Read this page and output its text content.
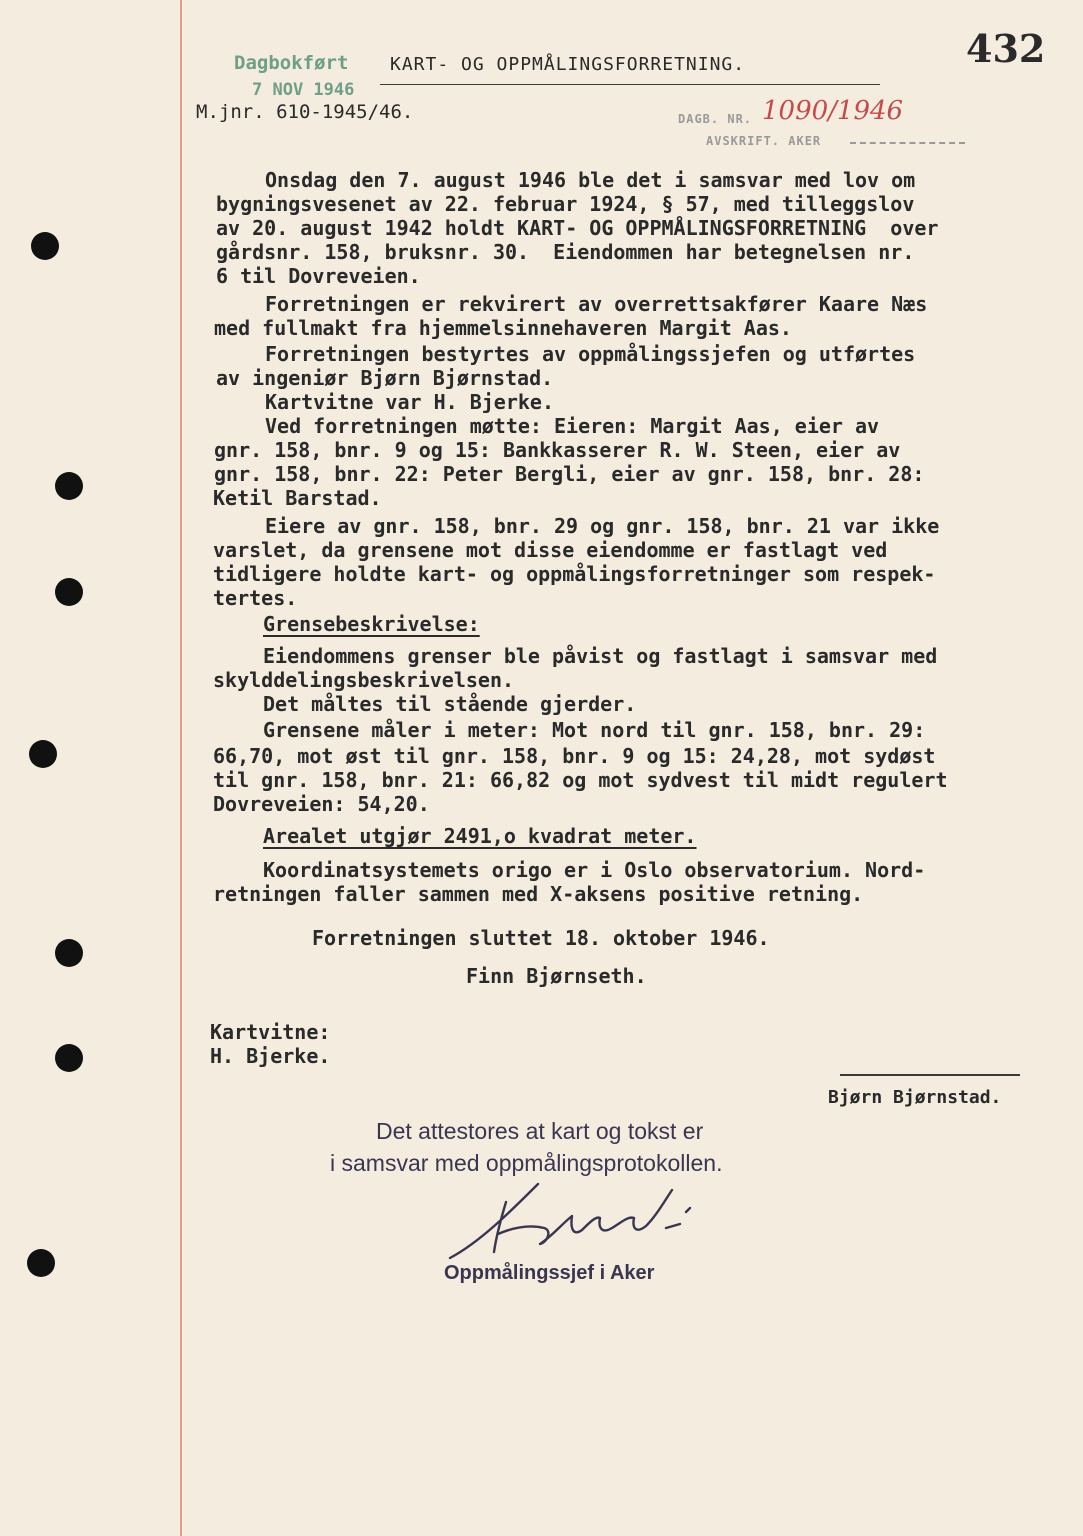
Dagbokført KART- OG OPPMÅLINGSFORRETNING.	432
7 NOV 1946
M.jnr. 610-1945/46.	DAGB. NR. 1090/1946
AVSKRIFT. AKER
Onsdag den 7. august 1946 ble det i samsvar med lov om
bygningsvesenet av 22. februar 1924, § 57, med tilleggslov
av 20. august 1942 holdt KART- OG OPPMÅLINGSFORRETNING  over
gårdsnr. 158, bruksnr. 30.  Eiendommen har betegnelsen nr.
6 til Dovreveien.
Forretningen er rekvirert av overrettsakfører Kaare Næs
med fullmakt fra hjemmelsinnehaveren Margit Aas.
Forretningen bestyrtes av oppmålingssjefen og utførtes
av ingeniør Bjørn Bjørnstad.
Kartvitne var H. Bjerke.
Ved forretningen møtte: Eieren: Margit Aas, eier av
gnr. 158, bnr. 9 og 15: Bankkasserer R. W. Steen, eier av
gnr. 158, bnr. 22: Peter Bergli, eier av gnr. 158, bnr. 28:
Ketil Barstad.
Eiere av gnr. 158, bnr. 29 og gnr. 158, bnr. 21 var ikke
varslet, da grensene mot disse eiendomme er fastlagt ved
tidligere holdte kart- og oppmålingsforretninger som respek-
tertes.
Grensebeskrivelse:
Eiendommens grenser ble påvist og fastlagt i samsvar med
skylddelingsbeskrivelsen.
Det måltes til stående gjerder.
Grensene måler i meter: Mot nord til gnr. 158, bnr. 29:
66,70, mot øst til gnr. 158, bnr. 9 og 15: 24,28, mot sydøst
til gnr. 158, bnr. 21: 66,82 og mot sydvest til midt regulert
Dovreveien: 54,20.
Arealet utgjør 2491,o kvadrat meter.
Koordinatsystemets origo er i Oslo observatorium. Nord-
retningen faller sammen med X-aksens positive retning.
Forretningen sluttet 18. oktober 1946.
Finn Bjørnseth.
Kartvitne:
H. Bjerke.
Bjørn Bjørnstad.
Det attestores at kart og tokst er
i samsvar med oppmålingsprotokollen.
Oppmålingssjef i Aker
